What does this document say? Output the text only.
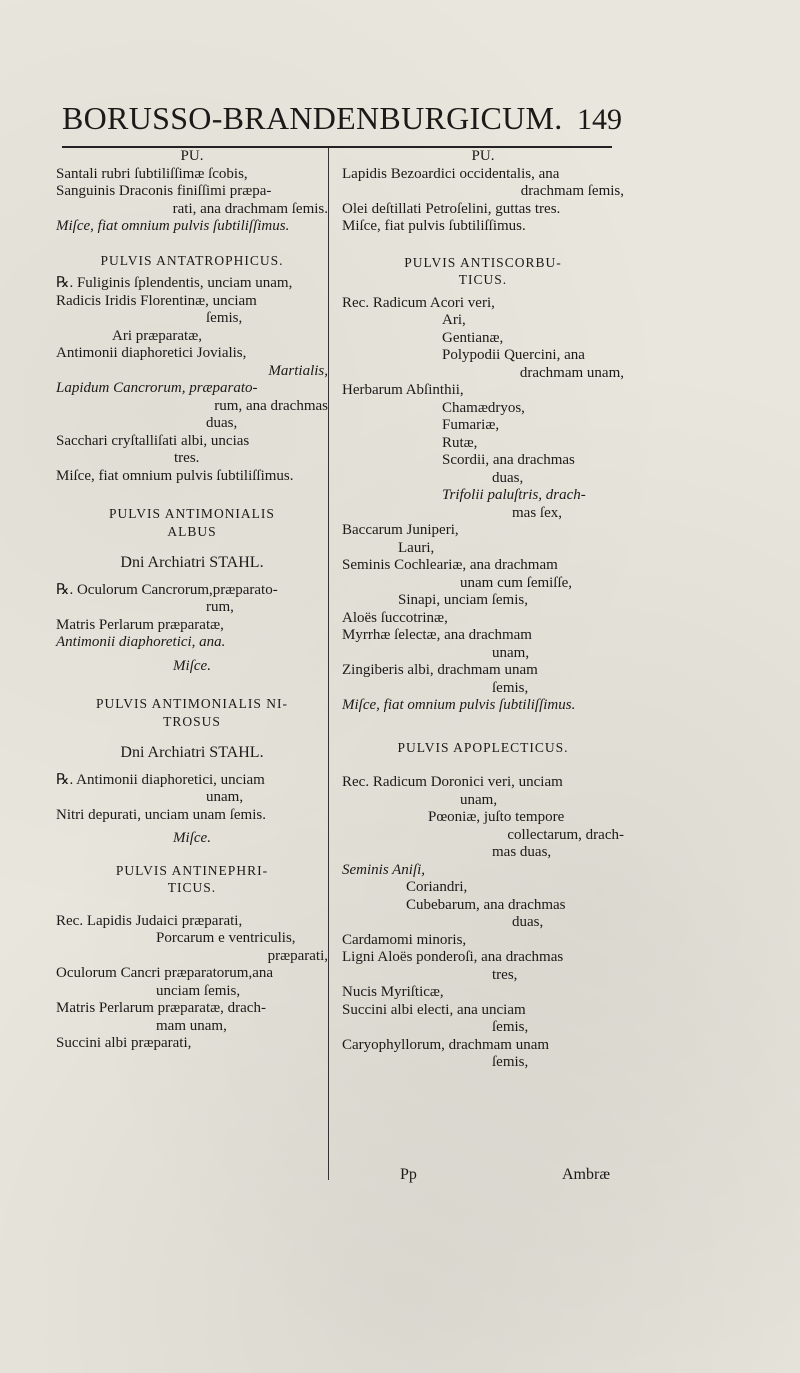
BORUSSO-BRANDENBURGICUM. 149
PU.
Santali rubri ſubtiliſſimæ ſcobis,
Sanguinis Draconis finiſſimi præpa-
rati, ana drachmam ſemis.
Miſce, fiat omnium pulvis ſubtiliſſimus.
PULVIS ANTATROPHICUS.
℞. Fuliginis ſplendentis, unciam unam,
Radicis Iridis Florentinæ, unciam
ſemis,
Ari præparatæ,
Antimonii diaphoretici Jovialis,
Martialis,
Lapidum Cancrorum, præparato-
rum, ana drachmas
duas,
Sacchari cryſtalliſati albi, uncias
tres.
Miſce, fiat omnium pulvis ſubtiliſſimus.
PULVIS ANTIMONIALIS
ALBUS
Dni Archiatri STAHL.
℞. Oculorum Cancrorum,præparato-
rum,
Matris Perlarum præparatæ,
Antimonii diaphoretici, ana.
Miſce.
PULVIS ANTIMONIALIS NI-
TROSUS
Dni Archiatri STAHL.
℞. Antimonii diaphoretici, unciam
unam,
Nitri depurati, unciam unam ſemis.
Miſce.
PULVIS ANTINEPHRI-
TICUS.
Rec. Lapidis Judaici præparati,
Porcarum e ventriculis,
præparati,
Oculorum Cancri præparatorum,ana
unciam ſemis,
Matris Perlarum præparatæ, drach-
mam unam,
Succini albi præparati,
PU.
Lapidis Bezoardici occidentalis, ana
drachmam ſemis,
Olei deſtillati Petroſelini, guttas tres.
Miſce, fiat pulvis ſubtiliſſimus.
PULVIS ANTISCORBU-
TICUS.
Rec. Radicum Acori veri,
Ari,
Gentianæ,
Polypodii Quercini, ana
drachmam unam,
Herbarum Abſinthii,
Chamædryos,
Fumariæ,
Rutæ,
Scordii, ana drachmas
duas,
Trifolii paluſtris, drach-
mas ſex,
Baccarum Juniperi,
Lauri,
Seminis Cochleariæ, ana drachmam
unam cum ſemiſſe,
Sinapi, unciam ſemis,
Aloës ſuccotrinæ,
Myrrhæ ſelectæ, ana drachmam
unam,
Zingiberis albi, drachmam unam
ſemis,
Miſce, fiat omnium pulvis ſubtiliſſimus.
PULVIS APOPLECTICUS.
Rec. Radicum Doronici veri, unciam
unam,
Pœoniæ, juſto tempore
collectarum, drach-
mas duas,
Seminis Aniſi,
Coriandri,
Cubebarum, ana drachmas
duas,
Cardamomi minoris,
Ligni Aloës ponderoſi, ana drachmas
tres,
Nucis Myriſticæ,
Succini albi electi, ana unciam
ſemis,
Caryophyllorum, drachmam unam
ſemis,
Pp	Ambræ
